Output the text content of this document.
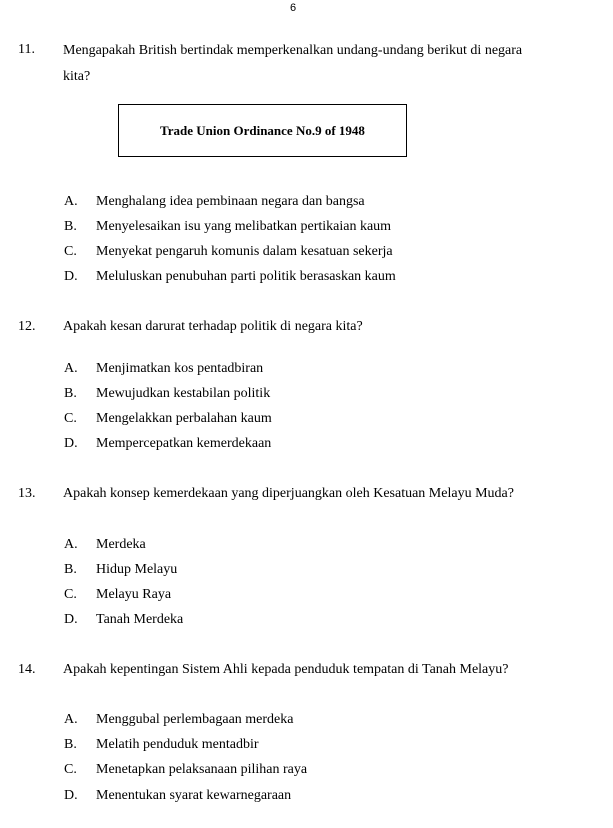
6
11. Mengapakah British bertindak memperkenalkan undang-undang berikut di negara
kita?
Trade Union Ordinance No.9 of 1948
A. Menghalang idea pembinaan negara dan bangsa
B. Menyelesaikan isu yang melibatkan pertikaian kaum
C. Menyekat pengaruh komunis dalam kesatuan sekerja
D. Meluluskan penubuhan parti politik berasaskan kaum
12. Apakah kesan darurat terhadap politik di negara kita?
A. Menjimatkan kos pentadbiran
B. Mewujudkan kestabilan politik
C. Mengelakkan perbalahan kaum
D. Mempercepatkan kemerdekaan
13. Apakah konsep kemerdekaan yang diperjuangkan oleh Kesatuan Melayu Muda?
A. Merdeka
B. Hidup Melayu
C. Melayu Raya
D. Tanah Merdeka
14. Apakah kepentingan Sistem Ahli kepada penduduk tempatan di Tanah Melayu?
A. Menggubal perlembagaan merdeka
B. Melatih penduduk mentadbir
C. Menetapkan pelaksanaan pilihan raya
D. Menentukan syarat kewarnegaraan
